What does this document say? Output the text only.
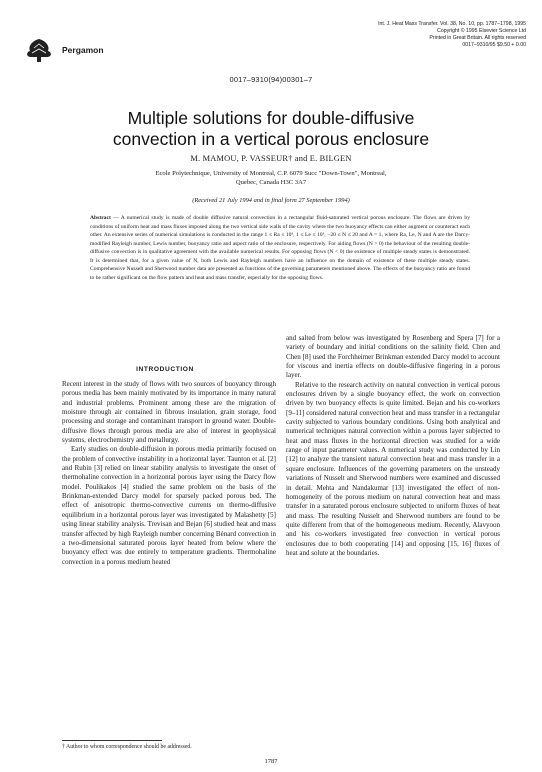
Pergamon
Int. J. Heat Mass Transfer. Vol. 38, No. 10, pp. 1787–1798, 1995
Copyright © 1995 Elsevier Science Ltd
Printed in Great Britain. All rights reserved
0017–9310/95 $9.50 + 0.00
0017–9310(94)00301–7
Multiple solutions for double-diffusive
convection in a vertical porous enclosure
M. MAMOU, P. VASSEUR† and E. BILGEN
Ecole Polytechnique, University of Montreal, C.P. 6079 Succ "Down-Town", Montreal,
Quebec, Canada H3C 3A7
(Received 21 July 1994 and in final form 27 September 1994)
Abstract — A numerical study is made of double diffusive natural convection in a rectangular fluid-saturated vertical porous enclosure. The flows are driven by conditions of uniform heat and mass fluxes imposed along the two vertical side walls of the cavity where the two buoyancy effects can either augment or counteract each other. An extensive series of numerical simulations is conducted in the range 1 ≤ Ra ≤ 10³, 1 ≤ Le ≤ 10³, −20 ≤ N ≤ 20 and A = 1, where Ra, Le, N and A are the Darcy-modified Rayleigh number, Lewis number, buoyancy ratio and aspect ratio of the enclosure, respectively. For aiding flows (N > 0) the behaviour of the resulting double-diffusive convection is in qualitative agreement with the available numerical results. For opposing flows (N < 0) the existence of multiple steady states is demonstrated. It is determined that, for a given value of N, both Lewis and Rayleigh numbers have an influence on the domain of existence of these multiple steady states. Comprehensive Nusselt and Sherwood number data are presented as functions of the governing parameters mentioned above. The effects of the buoyancy ratio are found to be rather significant on the flow pattern and heat and mass transfer, especially for the opposing flows.
INTRODUCTION

Recent interest in the study of flows with two sources of buoyancy through porous media has been mainly motivated by its importance in many natural and industrial problems. Prominent among these are the migration of moisture through air contained in fibrous insulation, grain storage, food processing and storage and contaminant transport in ground water. Double-diffusive flows through porous media are also of interest in geophysical systems, electrochemistry and metallurgy.

Early studies on double-diffusion in porous media primarily focused on the problem of convective instability in a horizontal layer. Taunton et al. [2] and Rubin [3] relied on linear stability analysis to investigate the onset of thermohaline convection in a horizontal porous layer using the Darcy flow model. Poulikakos [4] studied the same problem on the basis of the Brinkman-extended Darcy model for sparsely packed porous bed. The effect of anisotropic thermo-convective currents on thermo-diffusive equilibrium in a horizontal porous layer was investigated by Malashetty [5] using linear stability analysis. Trevisan and Bejan [6] studied heat and mass transfer affected by high Rayleigh number concerning Bénard convection in a two-dimensional saturated porous layer heated from below where the buoyancy effect was due entirely to temperature gradients. Thermohaline convection in a porous medium heated

and salted from below was investigated by Rosenberg and Spera [7] for a variety of boundary and initial conditions on the salinity field. Chen and Chen [8] used the Forchheimer Brinkman extended Darcy model to account for viscous and inertia effects on double-diffusive fingering in a porous layer.

Relative to the research activity on natural convection in vertical porous enclosures driven by a single buoyancy effect, the work on convection driven by two buoyancy effects is quite limited. Bejan and his co-workers [9–11] considered natural convection heat and mass transfer in a rectangular cavity subjected to various boundary conditions. Using both analytical and numerical techniques natural convection within a porous layer subjected to heat and mass fluxes in the horizontal direction was studied for a wide range of input parameter values. A numerical study was conducted by Lin [12] to analyze the transient natural convection heat and mass transfer in a square enclosure. Influences of the governing parameters on the unsteady variations of Nusselt and Sherwood numbers were examined and discussed in detail. Mehta and Nandakumar [13] investigated the effect of non-homogeneity of the porous medium on natural convection heat and mass transfer in a saturated porous enclosure subjected to uniform fluxes of heat and mass. The resulting Nusselt and Sherwood numbers are found to be quite different from that of the homogeneous medium. Recently, Alavyoon and his co-workers investigated free convection in vertical porous enclosures due to both cooperating [14] and opposing [15, 16] fluxes of heat and solute at the boundaries.

† Author to whom correspondence should be addressed.
1787
